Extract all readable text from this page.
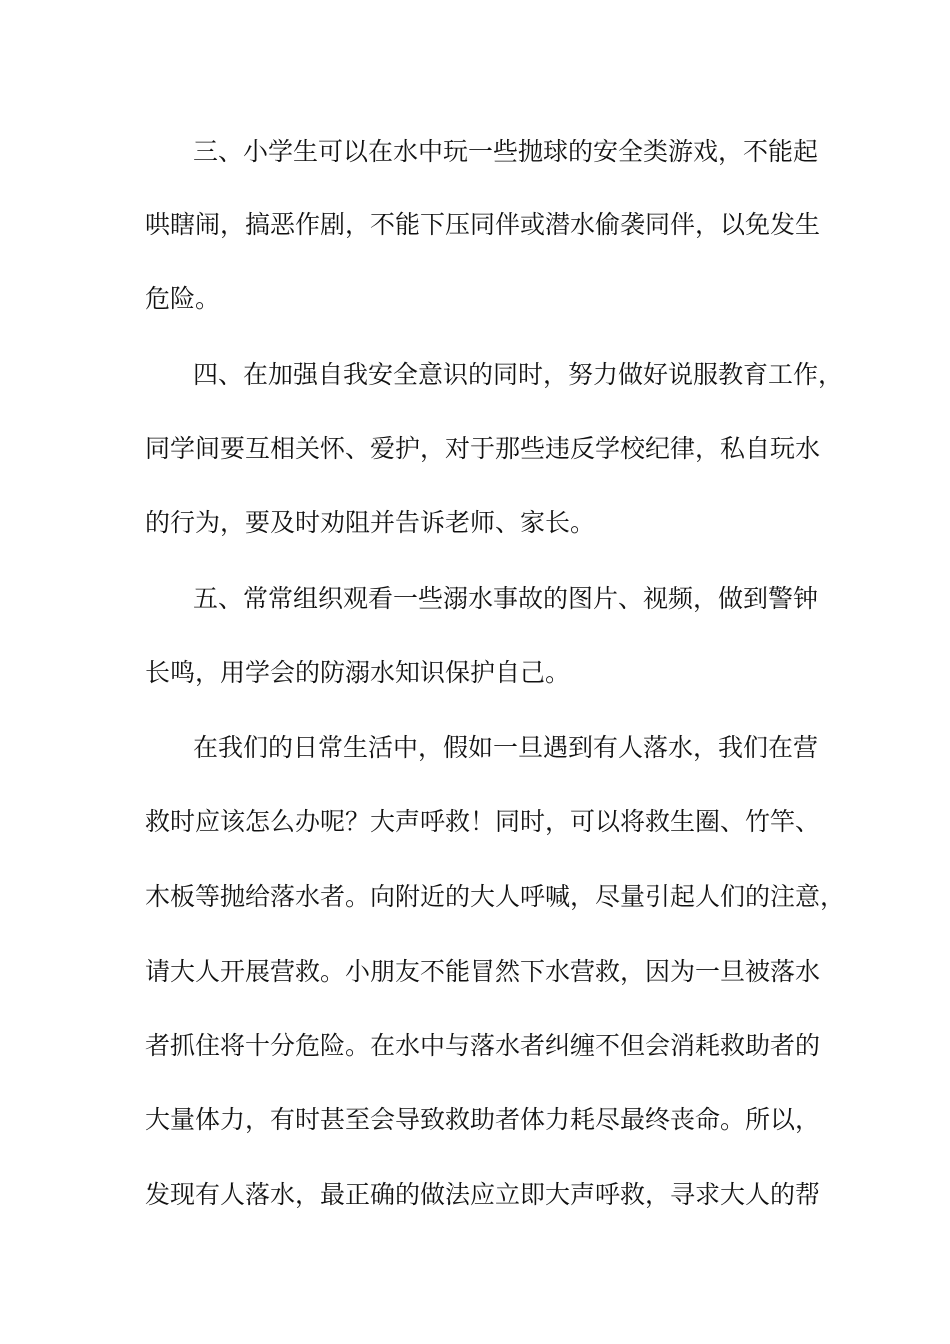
三、小学生可以在水中玩一些抛球的安全类游戏，不能起
哄瞎闹，搞恶作剧，不能下压同伴或潜水偷袭同伴，以免发生
危险。
四、在加强自我安全意识的同时，努力做好说服教育工作，
同学间要互相关怀、爱护，对于那些违反学校纪律，私自玩水
的行为，要及时劝阻并告诉老师、家长。
五、常常组织观看一些溺水事故的图片、视频，做到警钟
长鸣，用学会的防溺水知识保护自己。
在我们的日常生活中，假如一旦遇到有人落水，我们在营
救时应该怎么办呢？大声呼救！同时，可以将救生圈、竹竿、
木板等抛给落水者。向附近的大人呼喊，尽量引起人们的注意，
请大人开展营救。小朋友不能冒然下水营救，因为一旦被落水
者抓住将十分危险。在水中与落水者纠缠不但会消耗救助者的
大量体力，有时甚至会导致救助者体力耗尽最终丧命。所以，
发现有人落水，最正确的做法应立即大声呼救，寻求大人的帮
